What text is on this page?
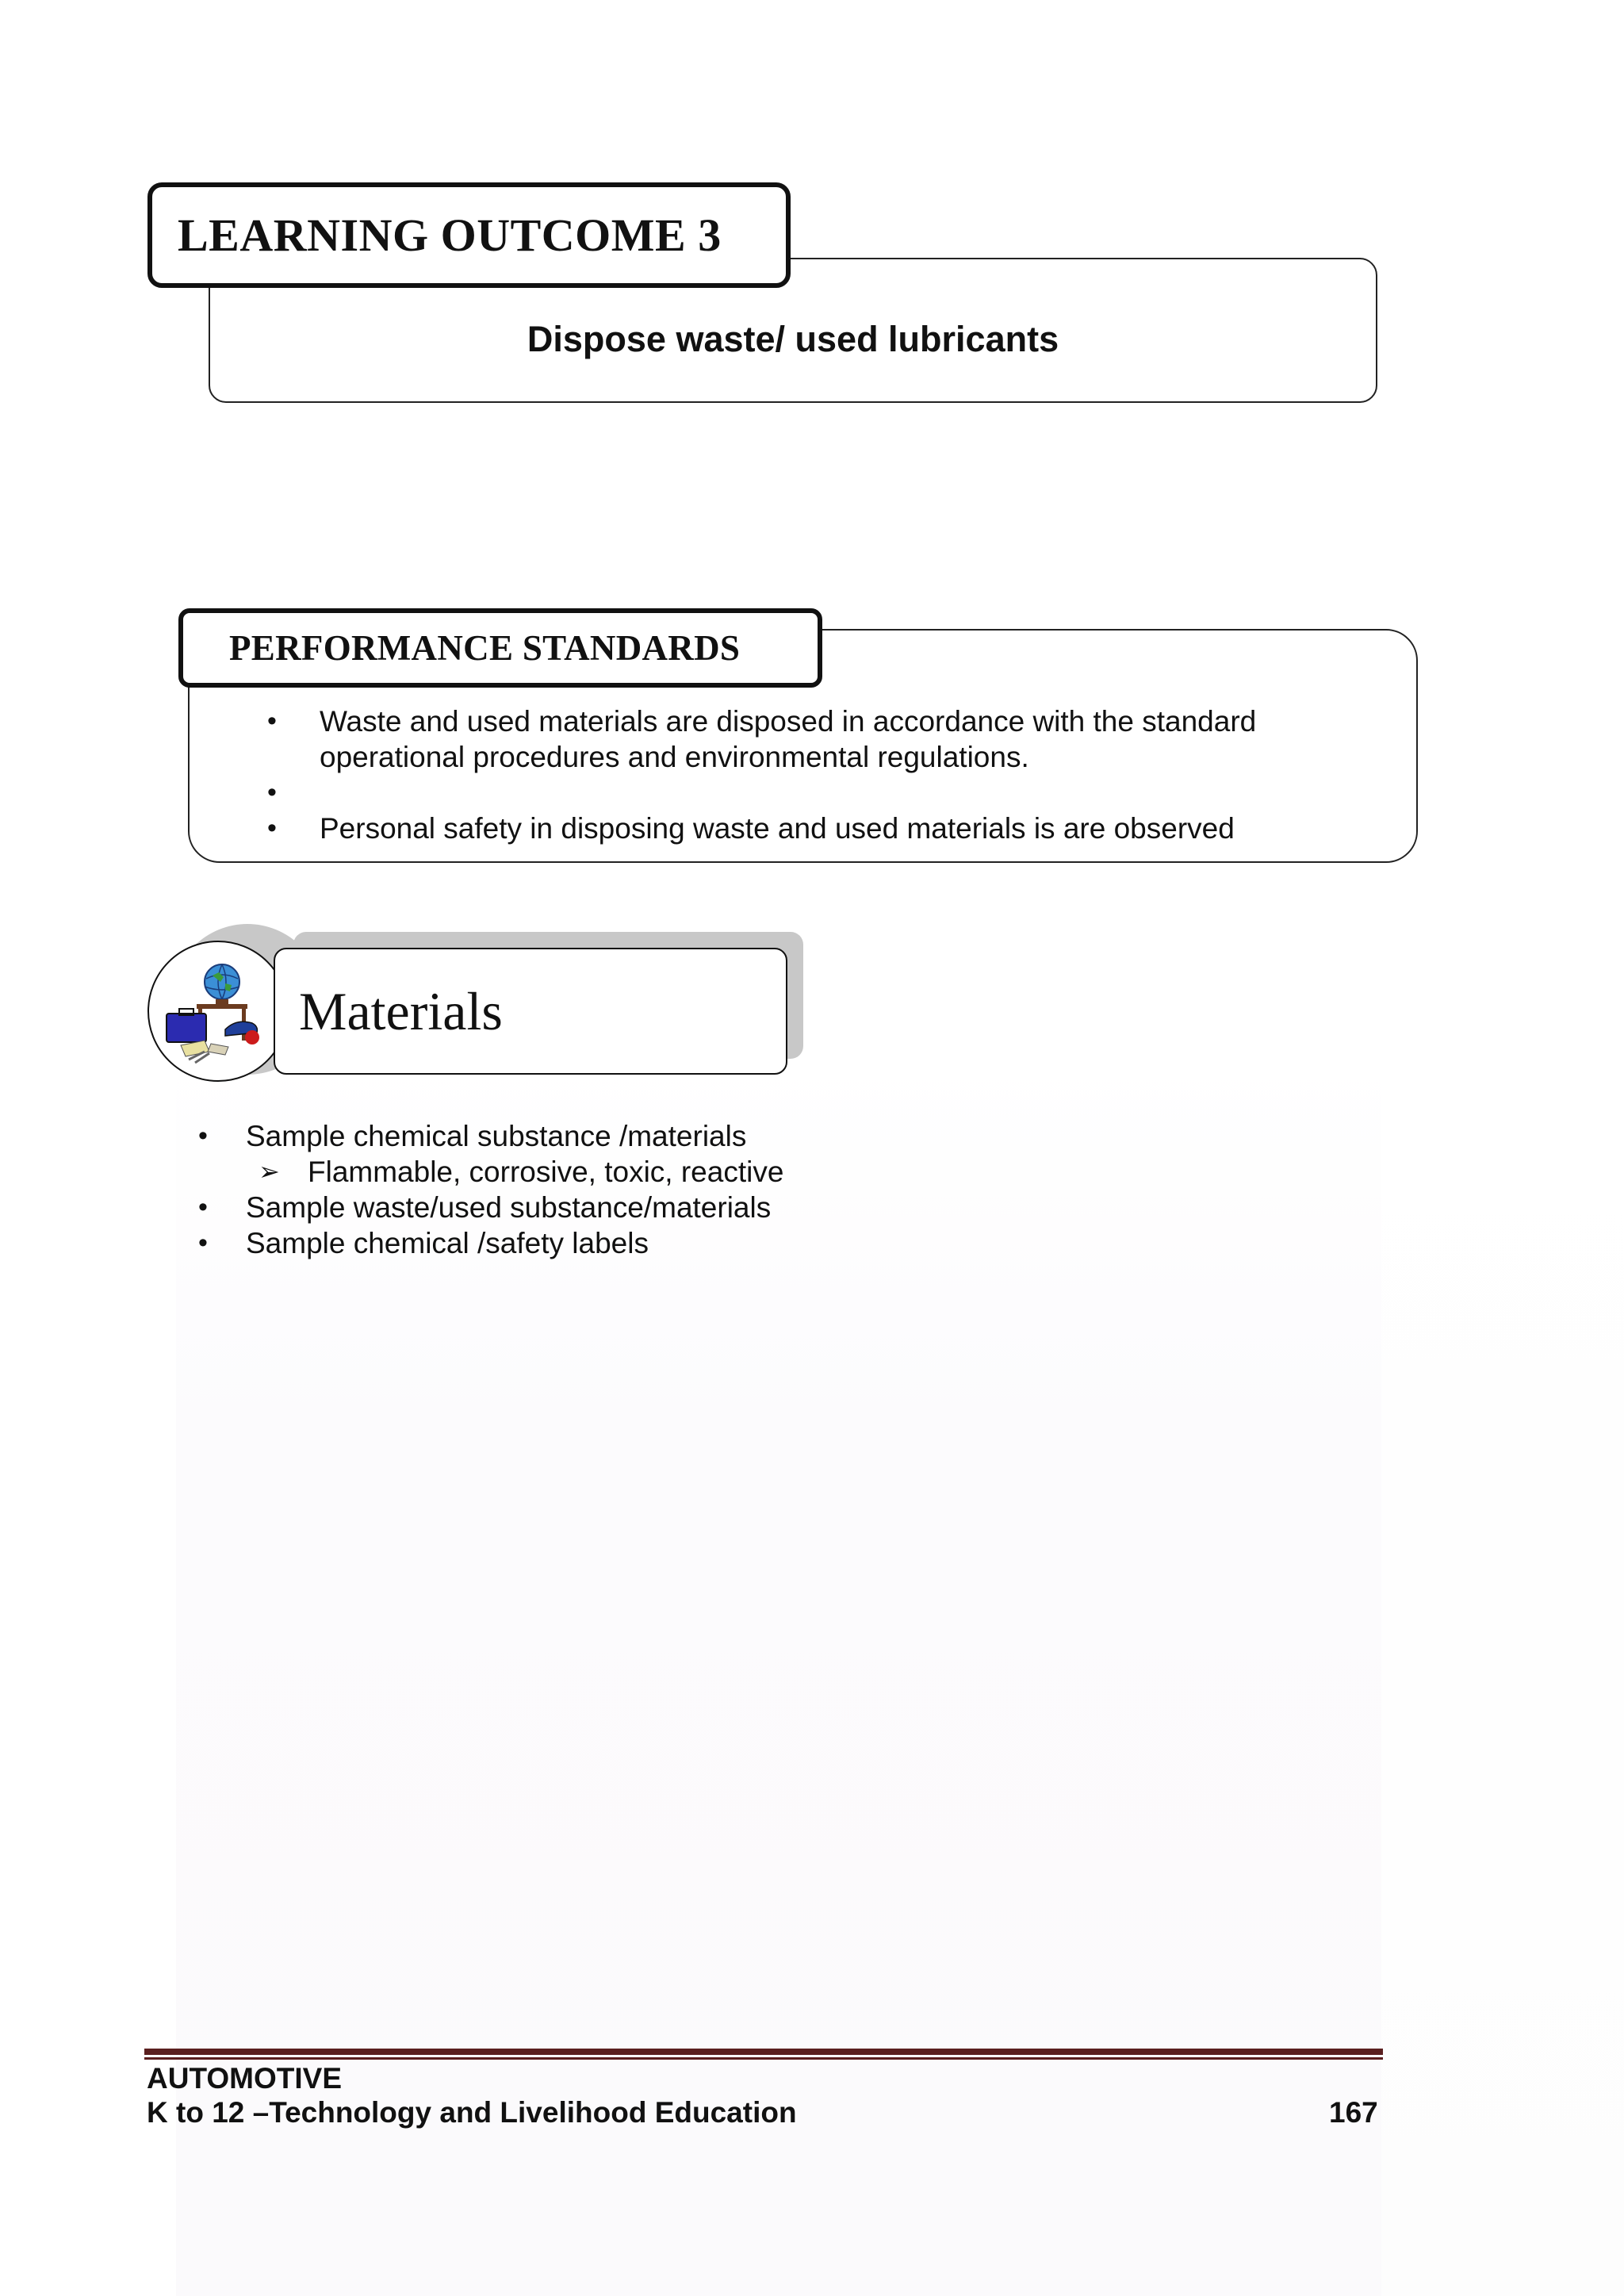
Dispose waste/ used lubricants
LEARNING OUTCOME 3
• Waste and used materials are disposed in accordance with the standard operational procedures and environmental regulations.
•
• Personal safety in disposing waste and used materials is are observed
PERFORMANCE STANDARDS
Materials
• Sample chemical substance /materials
➢ Flammable, corrosive, toxic, reactive
• Sample waste/used substance/materials
• Sample chemical /safety labels
AUTOMOTIVE
K to 12 –Technology and Livelihood Education	167
